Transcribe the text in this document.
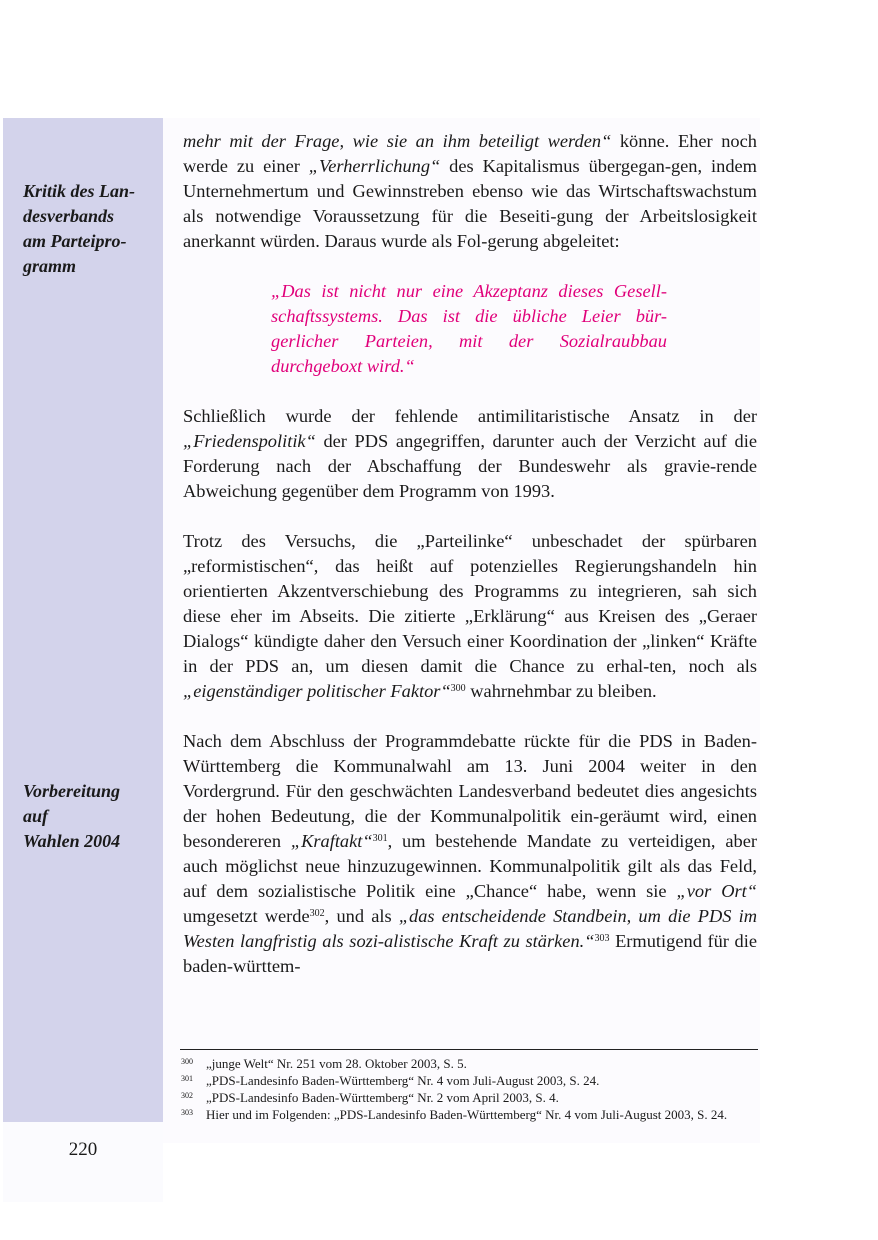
Kritik des Lan-
desverbands
am Parteipro-
gramm
Vorbereitung
auf
Wahlen 2004
220

mehr mit der Frage, wie sie an ihm beteiligt werden“ könne. Eher noch werde zu einer „Verherrlichung“ des Kapitalismus übergegan-gen, indem Unternehmertum und Gewinnstreben ebenso wie das Wirtschaftswachstum als notwendige Voraussetzung für die Beseiti-gung der Arbeitslosigkeit anerkannt würden. Daraus wurde als Fol-gerung abgeleitet:

„Das ist nicht nur eine Akzeptanz dieses Gesell-schaftssystems. Das ist die übliche Leier bür-gerlicher Parteien, mit der Sozialraubbau durchgeboxt wird.“

Schließlich wurde der fehlende antimilitaristische Ansatz in der „Friedenspolitik“ der PDS angegriffen, darunter auch der Verzicht auf die Forderung nach der Abschaffung der Bundeswehr als gravie-rende Abweichung gegenüber dem Programm von 1993.

Trotz des Versuchs, die „Parteilinke“ unbeschadet der spürbaren „reformistischen“, das heißt auf potenzielles Regierungshandeln hin orientierten Akzentverschiebung des Programms zu integrieren, sah sich diese eher im Abseits. Die zitierte „Erklärung“ aus Kreisen des „Geraer Dialogs“ kündigte daher den Versuch einer Koordination der „linken“ Kräfte in der PDS an, um diesen damit die Chance zu erhal-ten, noch als „eigenständiger politischer Faktor“$^{300}$ wahrnehmbar zu bleiben.

Nach dem Abschluss der Programmdebatte rückte für die PDS in Baden-Württemberg die Kommunalwahl am 13. Juni 2004 weiter in den Vordergrund. Für den geschwächten Landesverband bedeutet dies angesichts der hohen Bedeutung, die der Kommunalpolitik ein-geräumt wird, einen besondereren „Kraftakt“$^{301}$, um bestehende Mandate zu verteidigen, aber auch möglichst neue hinzuzugewinnen. Kommunalpolitik gilt als das Feld, auf dem sozialistische Politik eine „Chance“ habe, wenn sie „vor Ort“ umgesetzt werde$^{302}$, und als „das entscheidende Standbein, um die PDS im Westen langfristig als sozi-alistische Kraft zu stärken.“$^{303}$ Ermutigend für die baden-württem-

300	„junge Welt“ Nr. 251 vom 28. Oktober 2003, S. 5.
301	„PDS-Landesinfo Baden-Württemberg“ Nr. 4 vom Juli-August 2003, S. 24.
302	„PDS-Landesinfo Baden-Württemberg“ Nr. 2 vom April 2003, S. 4.
303	Hier und im Folgenden: „PDS-Landesinfo Baden-Württemberg“ Nr. 4 vom Juli-August 2003, S. 24.
